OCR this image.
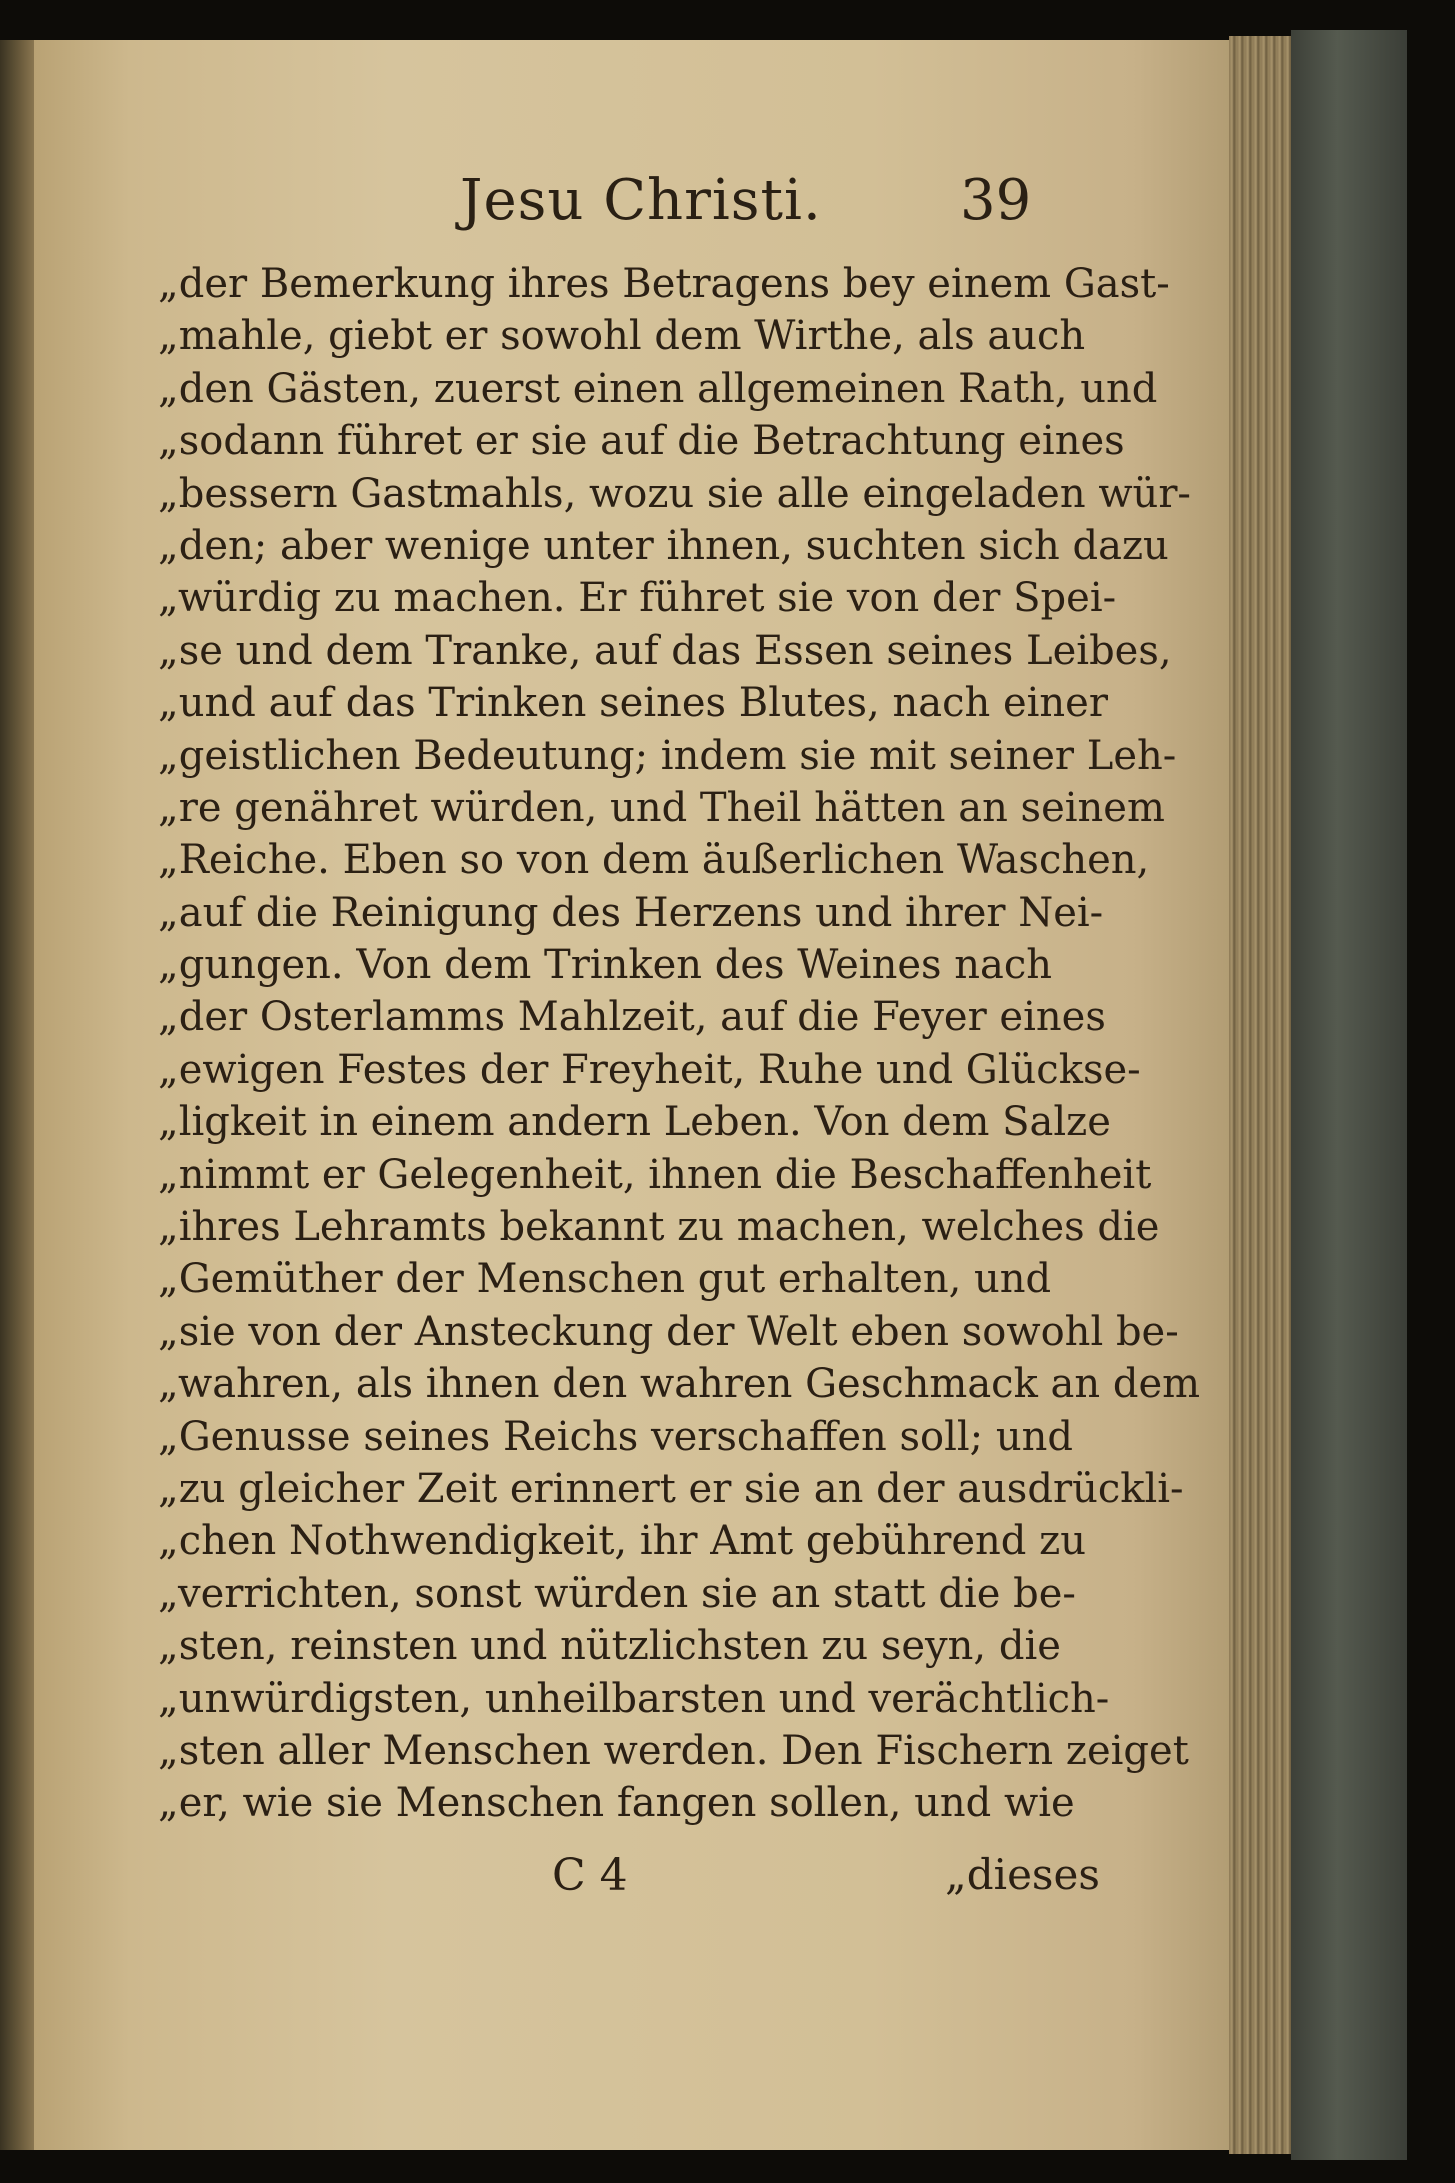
Jesu Christi. 39
„der Bemerkung ihres Betragens bey einem Gast-
„mahle, giebt er sowohl dem Wirthe, als auch
„den Gästen, zuerst einen allgemeinen Rath, und
„sodann führet er sie auf die Betrachtung eines
„bessern Gastmahls, wozu sie alle eingeladen wür-
„den; aber wenige unter ihnen, suchten sich dazu
„würdig zu machen. Er führet sie von der Spei-
„se und dem Tranke, auf das Essen seines Leibes,
„und auf das Trinken seines Blutes, nach einer
„geistlichen Bedeutung; indem sie mit seiner Leh-
„re genähret würden, und Theil hätten an seinem
„Reiche. Eben so von dem äußerlichen Waschen,
„auf die Reinigung des Herzens und ihrer Nei-
„gungen. Von dem Trinken des Weines nach
„der Osterlamms Mahlzeit, auf die Feyer eines
„ewigen Festes der Freyheit, Ruhe und Glückse-
„ligkeit in einem andern Leben. Von dem Salze
„nimmt er Gelegenheit, ihnen die Beschaffenheit
„ihres Lehramts bekannt zu machen, welches die
„Gemüther der Menschen gut erhalten, und
„sie von der Ansteckung der Welt eben sowohl be-
„wahren, als ihnen den wahren Geschmack an dem
„Genusse seines Reichs verschaffen soll; und
„zu gleicher Zeit erinnert er sie an der ausdrückli-
„chen Nothwendigkeit, ihr Amt gebührend zu
„verrichten, sonst würden sie an statt die be-
„sten, reinsten und nützlichsten zu seyn, die
„unwürdigsten, unheilbarsten und verächtlich-
„sten aller Menschen werden. Den Fischern zeiget
„er, wie sie Menschen fangen sollen, und wie
C 4	„dieses
